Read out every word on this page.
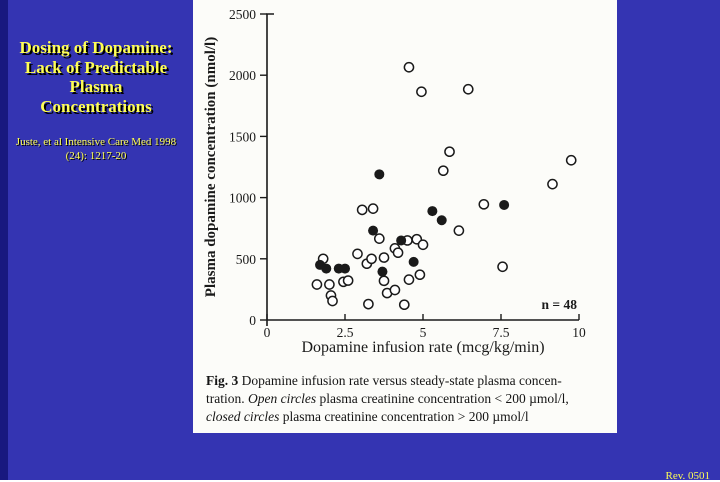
Dosing of Dopamine:
Lack of Predictable
Plasma
Concentrations
Juste, et al Intensive Care Med 1998
(24): 1217-20
0
500
1000
1500
2000
2500
0	2.5	5	7.5	10
Plasma dopamine concentration (nmol/l)
Dopamine infusion rate (mcg/kg/min)
n = 48
Fig. 3 Dopamine infusion rate versus steady-state plasma concen-
tration. Open circles plasma creatinine concentration < 200 µmol/l,
closed circles plasma creatinine concentration > 200 µmol/l
Rev. 0501
